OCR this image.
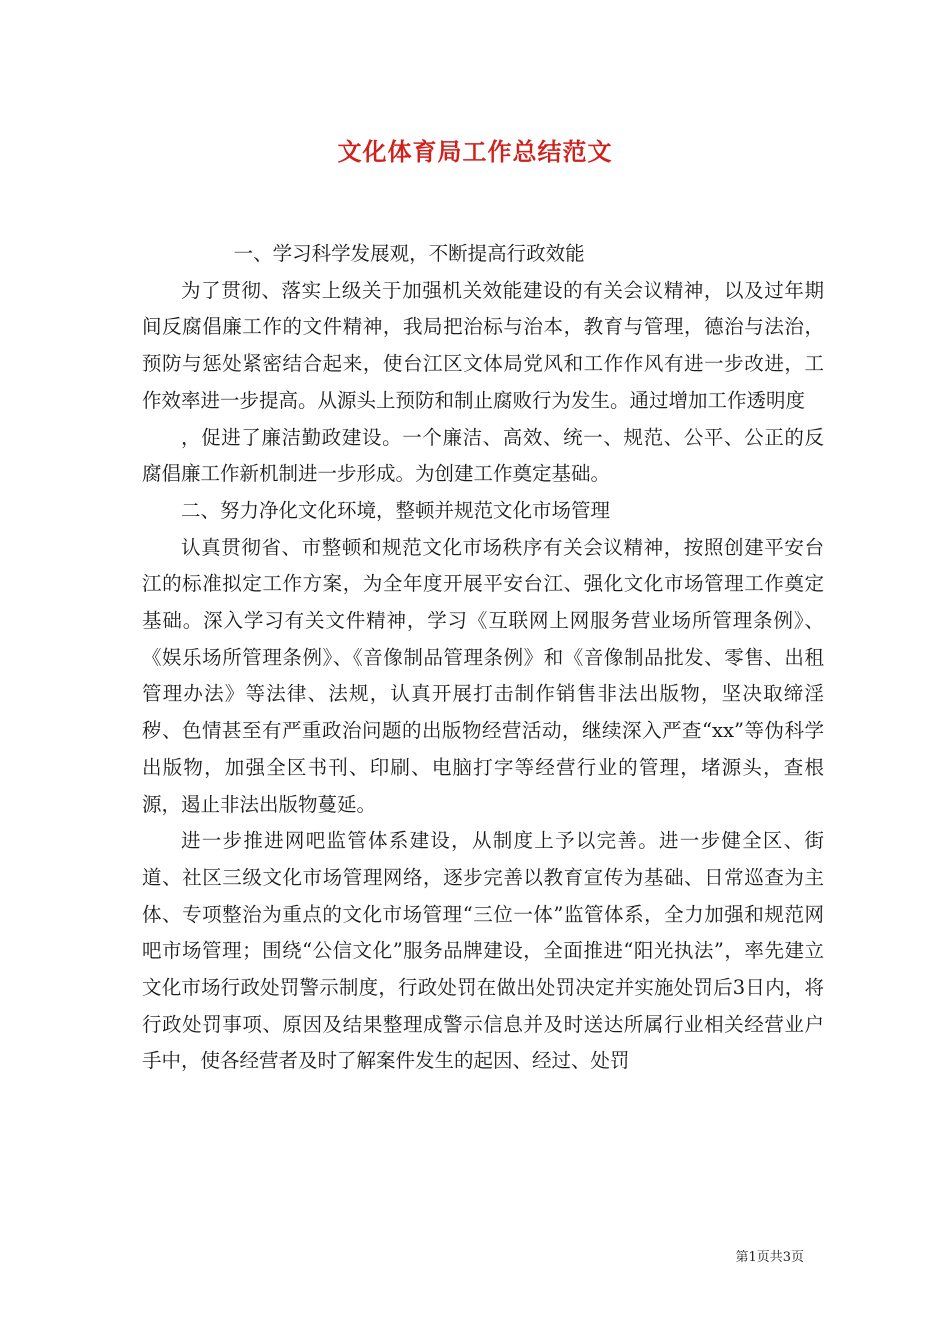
文化体育局工作总结范文

一、学习科学发展观，不断提高行政效能

为了贯彻、落实上级关于加强机关效能建设的有关会议精神，以及过年期间反腐倡廉工作的文件精神，我局把治标与治本，教育与管理，德治与法治，预防与惩处紧密结合起来，使台江区文体局党风和工作作风有进一步改进，工作效率进一步提高。从源头上预防和制止腐败行为发生。通过增加工作透明度

，促进了廉洁勤政建设。一个廉洁、高效、统一、规范、公平、公正的反腐倡廉工作新机制进一步形成。为创建工作奠定基础。

二、努力净化文化环境，整顿并规范文化市场管理

认真贯彻省、市整顿和规范文化市场秩序有关会议精神，按照创建平安台江的标准拟定工作方案，为全年度开展平安台江、强化文化市场管理工作奠定基础。深入学习有关文件精神，学习《互联网上网服务营业场所管理条例》、《娱乐场所管理条例》、《音像制品管理条例》和《音像制品批发、零售、出租管理办法》等法律、法规，认真开展打击制作销售非法出版物，坚决取缔淫秽、色情甚至有严重政治问题的出版物经营活动，继续深入严查“xx”等伪科学出版物，加强全区书刊、印刷、电脑打字等经营行业的管理，堵源头，查根源，遏止非法出版物蔓延。

进一步推进网吧监管体系建设，从制度上予以完善。进一步健全区、街道、社区三级文化市场管理网络，逐步完善以教育宣传为基础、日常巡查为主体、专项整治为重点的文化市场管理“三位一体”监管体系，全力加强和规范网吧市场管理；围绕“公信文化”服务品牌建设，全面推进“阳光执法”，率先建立文化市场行政处罚警示制度，行政处罚在做出处罚决定并实施处罚后3日内，将行政处罚事项、原因及结果整理成警示信息并及时送达所属行业相关经营业户手中，使各经营者及时了解案件发生的起因、经过、处罚

第1页共3页
